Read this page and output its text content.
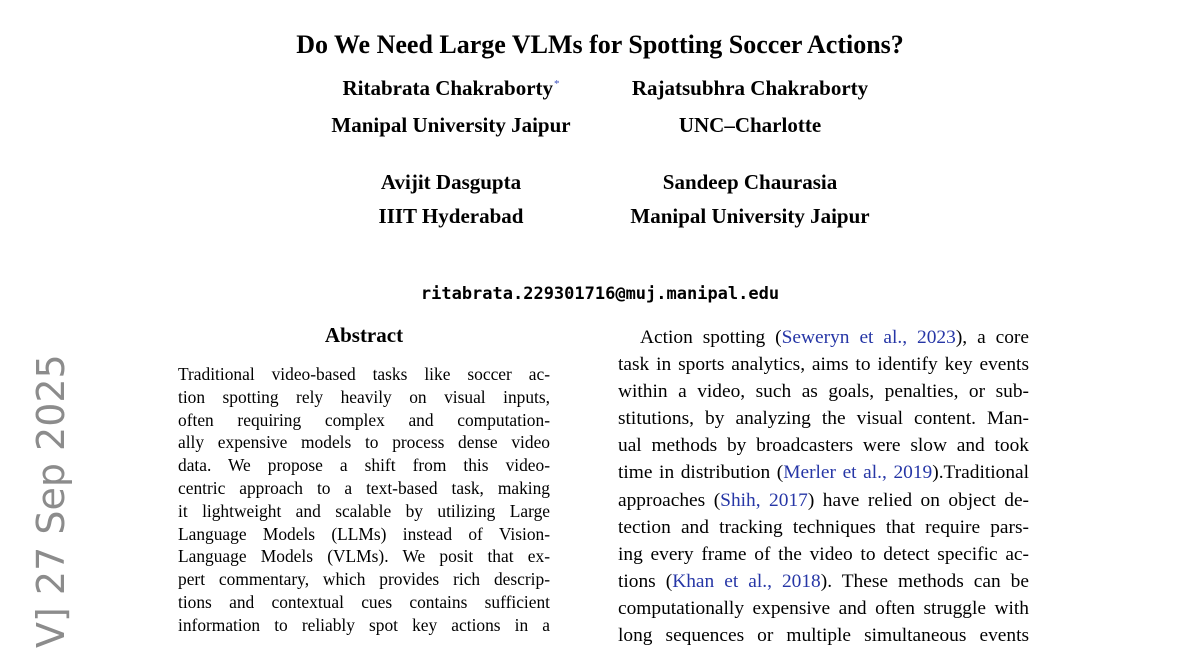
Do We Need Large VLMs for Spotting Soccer Actions?
Ritabrata Chakraborty*
Manipal University Jaipur
Rajatsubhra Chakraborty
UNC–Charlotte
Avijit Dasgupta
IIIT Hyderabad
Sandeep Chaurasia
Manipal University Jaipur
ritabrata.229301716@muj.manipal.edu
Abstract
Traditional video-based tasks like soccer ac-
tion spotting rely heavily on visual inputs,
often requiring complex and computation-
ally expensive models to process dense video
data. We propose a shift from this video-
centric approach to a text-based task, making
it lightweight and scalable by utilizing Large
Language Models (LLMs) instead of Vision-
Language Models (VLMs). We posit that ex-
pert commentary, which provides rich descrip-
tions and contextual cues contains sufficient
information to reliably spot key actions in a
Action spotting (Seweryn et al., 2023), a core
task in sports analytics, aims to identify key events
within a video, such as goals, penalties, or sub-
stitutions, by analyzing the visual content. Man-
ual methods by broadcasters were slow and took
time in distribution (Merler et al., 2019).Traditional
approaches (Shih, 2017) have relied on object de-
tection and tracking techniques that require pars-
ing every frame of the video to detect specific ac-
tions (Khan et al., 2018). These methods can be
computationally expensive and often struggle with
long sequences or multiple simultaneous events
V] 27 Sep 2025
